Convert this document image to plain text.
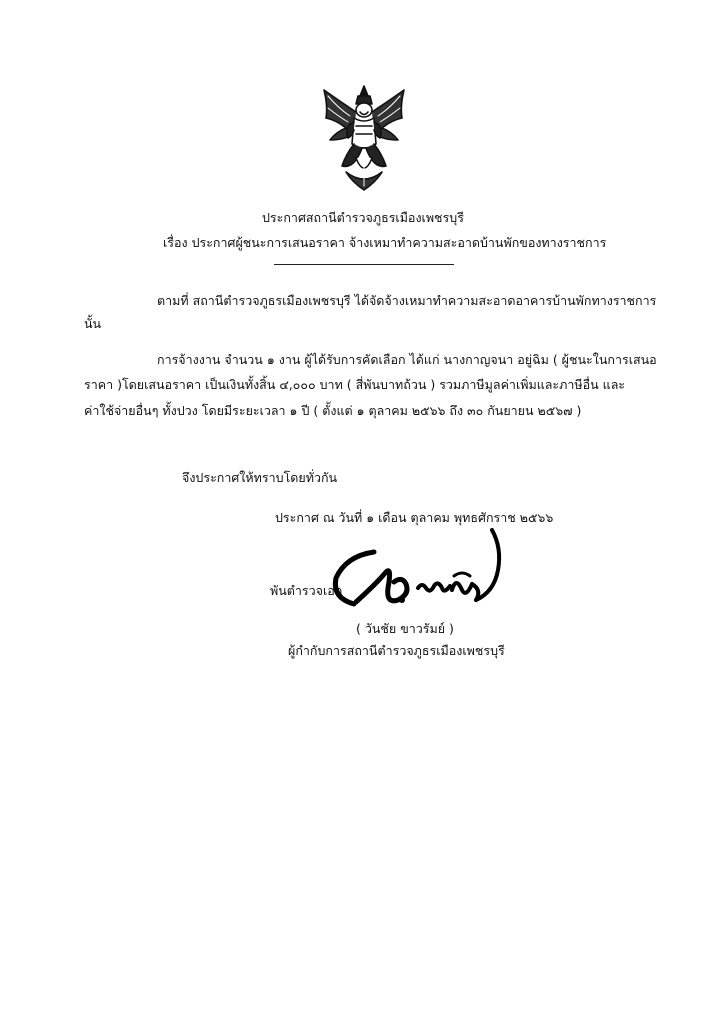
ประกาศสถานีตำรวจภูธรเมืองเพชรบุรี
เรื่อง ประกาศผู้ชนะการเสนอราคา จ้างเหมาทำความสะอาดบ้านพักของทางราชการ
ตามที่ สถานีตำรวจภูธรเมืองเพชรบุรี ได้จัดจ้างเหมาทำความสะอาดอาคารบ้านพักทางราชการ
นั้น
การจ้างงาน จำนวน ๑ งาน ผู้ได้รับการคัดเลือก ได้แก่ นางกาญจนา อยู่ฉิม ( ผู้ชนะในการเสนอ
ราคา )โดยเสนอราคา เป็นเงินทั้งสิ้น ๔,๐๐๐ บาท ( สี่พันบาทถ้วน ) รวมภาษีมูลค่าเพิ่มและภาษีอื่น และ
ค่าใช้จ่ายอื่นๆ ทั้งปวง โดยมีระยะเวลา ๑ ปี ( ตั้งแต่ ๑ ตุลาคม ๒๕๖๖ ถึง ๓๐ กันยายน ๒๕๖๗ )
จึงประกาศให้ทราบโดยทั่วกัน
ประกาศ ณ วันที่ ๑ เดือน ตุลาคม พุทธศักราช ๒๕๖๖
พันตำรวจเอก
( วันชัย ขาวรัมย์ )
ผู้กำกับการสถานีตำรวจภูธรเมืองเพชรบุรี
